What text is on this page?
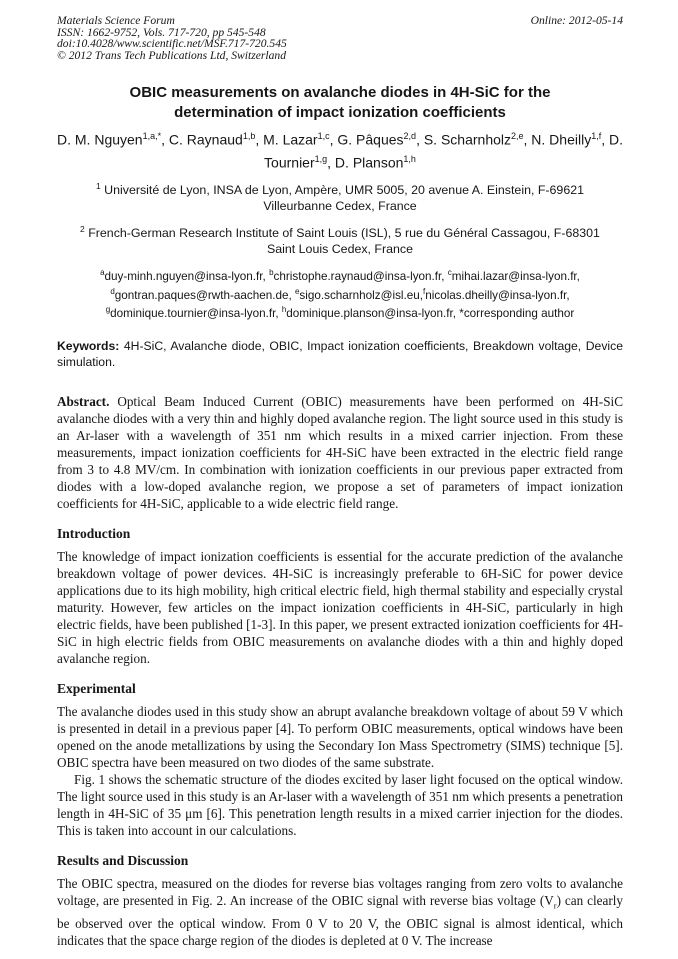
Materials Science Forum
ISSN: 1662-9752, Vols. 717-720, pp 545-548
doi:10.4028/www.scientific.net/MSF.717-720.545
© 2012 Trans Tech Publications Ltd, Switzerland
Online: 2012-05-14
OBIC measurements on avalanche diodes in 4H-SiC for the determination of impact ionization coefficients

D. M. Nguyen$^{1,a,*}$, C. Raynaud$^{1,b}$, M. Lazar$^{1,c}$, G. Pâques$^{2,d}$, S. Scharnholz$^{2,e}$, N. Dheilly$^{1,f}$, D. Tournier$^{1,g}$, D. Planson$^{1,h}$

$^1$ Université de Lyon, INSA de Lyon, Ampère, UMR 5005, 20 avenue A. Einstein, F-69621 Villeurbanne Cedex, France

$^2$ French-German Research Institute of Saint Louis (ISL), 5 rue du Général Cassagou, F-68301 Saint Louis Cedex, France

$^a$duy-minh.nguyen@insa-lyon.fr, $^b$christophe.raynaud@insa-lyon.fr, $^c$mihai.lazar@insa-lyon.fr, $^d$gontran.paques@rwth-aachen.de, $^e$sigo.scharnholz@isl.eu,$^f$nicolas.dheilly@insa-lyon.fr, $^g$dominique.tournier@insa-lyon.fr, $^h$dominique.planson@insa-lyon.fr, *corresponding author

Keywords: 4H-SiC, Avalanche diode, OBIC, Impact ionization coefficients, Breakdown voltage, Device simulation.

Abstract. Optical Beam Induced Current (OBIC) measurements have been performed on 4H-SiC avalanche diodes with a very thin and highly doped avalanche region. The light source used in this study is an Ar-laser with a wavelength of 351 nm which results in a mixed carrier injection. From these measurements, impact ionization coefficients for 4H-SiC have been extracted in the electric field range from 3 to 4.8 MV/cm. In combination with ionization coefficients in our previous paper extracted from diodes with a low-doped avalanche region, we propose a set of parameters of impact ionization coefficients for 4H-SiC, applicable to a wide electric field range.

Introduction

The knowledge of impact ionization coefficients is essential for the accurate prediction of the avalanche breakdown voltage of power devices. 4H-SiC is increasingly preferable to 6H-SiC for power device applications due to its high mobility, high critical electric field, high thermal stability and especially crystal maturity. However, few articles on the impact ionization coefficients in 4H-SiC, particularly in high electric fields, have been published [1-3]. In this paper, we present extracted ionization coefficients for 4H-SiC in high electric fields from OBIC measurements on avalanche diodes with a thin and highly doped avalanche region.

Experimental

The avalanche diodes used in this study show an abrupt avalanche breakdown voltage of about 59 V which is presented in detail in a previous paper [4]. To perform OBIC measurements, optical windows have been opened on the anode metallizations by using the Secondary Ion Mass Spectrometry (SIMS) technique [5]. OBIC spectra have been measured on two diodes of the same substrate.

Fig. 1 shows the schematic structure of the diodes excited by laser light focused on the optical window. The light source used in this study is an Ar-laser with a wavelength of 351 nm which presents a penetration length in 4H-SiC of 35 μm [6]. This penetration length results in a mixed carrier injection for the diodes. This is taken into account in our calculations.

Results and Discussion

The OBIC spectra, measured on the diodes for reverse bias voltages ranging from zero volts to avalanche voltage, are presented in Fig. 2. An increase of the OBIC signal with reverse bias voltage $(V_r)$ can clearly be observed over the optical window. From 0 V to 20 V, the OBIC signal is almost identical, which indicates that the space charge region of the diodes is depleted at 0 V. The increase
